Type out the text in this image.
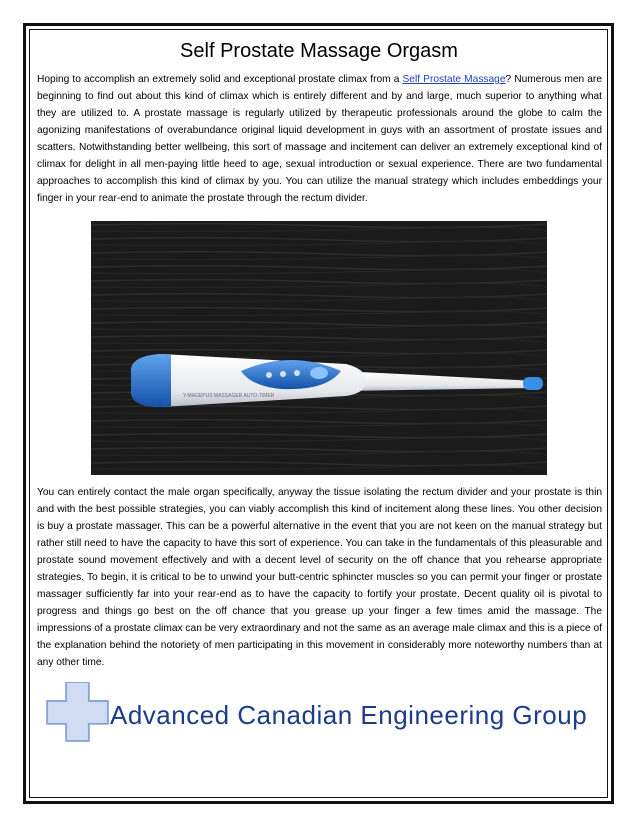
Self Prostate Massage Orgasm

Hoping to accomplish an extremely solid and exceptional prostate climax from a Self Prostate Massage? Numerous men are beginning to find out about this kind of climax which is entirely different and by and large, much superior to anything what they are utilized to. A prostate massage is regularly utilized by therapeutic professionals around the globe to calm the agonizing manifestations of overabundance original liquid development in guys with an assortment of prostate issues and scatters. Notwithstanding better wellbeing, this sort of massage and incitement can deliver an extremely exceptional kind of climax for delight in all men-paying little heed to age, sexual introduction or sexual experience. There are two fundamental approaches to accomplish this kind of climax by you. You can utilize the manual strategy which includes embeddings your finger in your rear-end to animate the prostate through the rectum divider.

Y-MAGEPUS MASSAGER AUTO-TIMER

You can entirely contact the male organ specifically, anyway the tissue isolating the rectum divider and your prostate is thin and with the best possible strategies, you can viably accomplish this kind of incitement along these lines. You other decision is buy a prostate massager. This can be a powerful alternative in the event that you are not keen on the manual strategy but rather still need to have the capacity to have this sort of experience. You can take in the fundamentals of this pleasurable and prostate sound movement effectively and with a decent level of security on the off chance that you rehearse appropriate strategies. To begin, it is critical to be to unwind your butt-centric sphincter muscles so you can permit your finger or prostate massager sufficiently far into your rear-end as to have the capacity to fortify your prostate. Decent quality oil is pivotal to progress and things go best on the off chance that you grease up your finger a few times amid the massage. The impressions of a prostate climax can be very extraordinary and not the same as an average male climax and this is a piece of the explanation behind the notoriety of men participating in this movement in considerably more noteworthy numbers than at any other time.

Advanced Canadian Engineering Group
